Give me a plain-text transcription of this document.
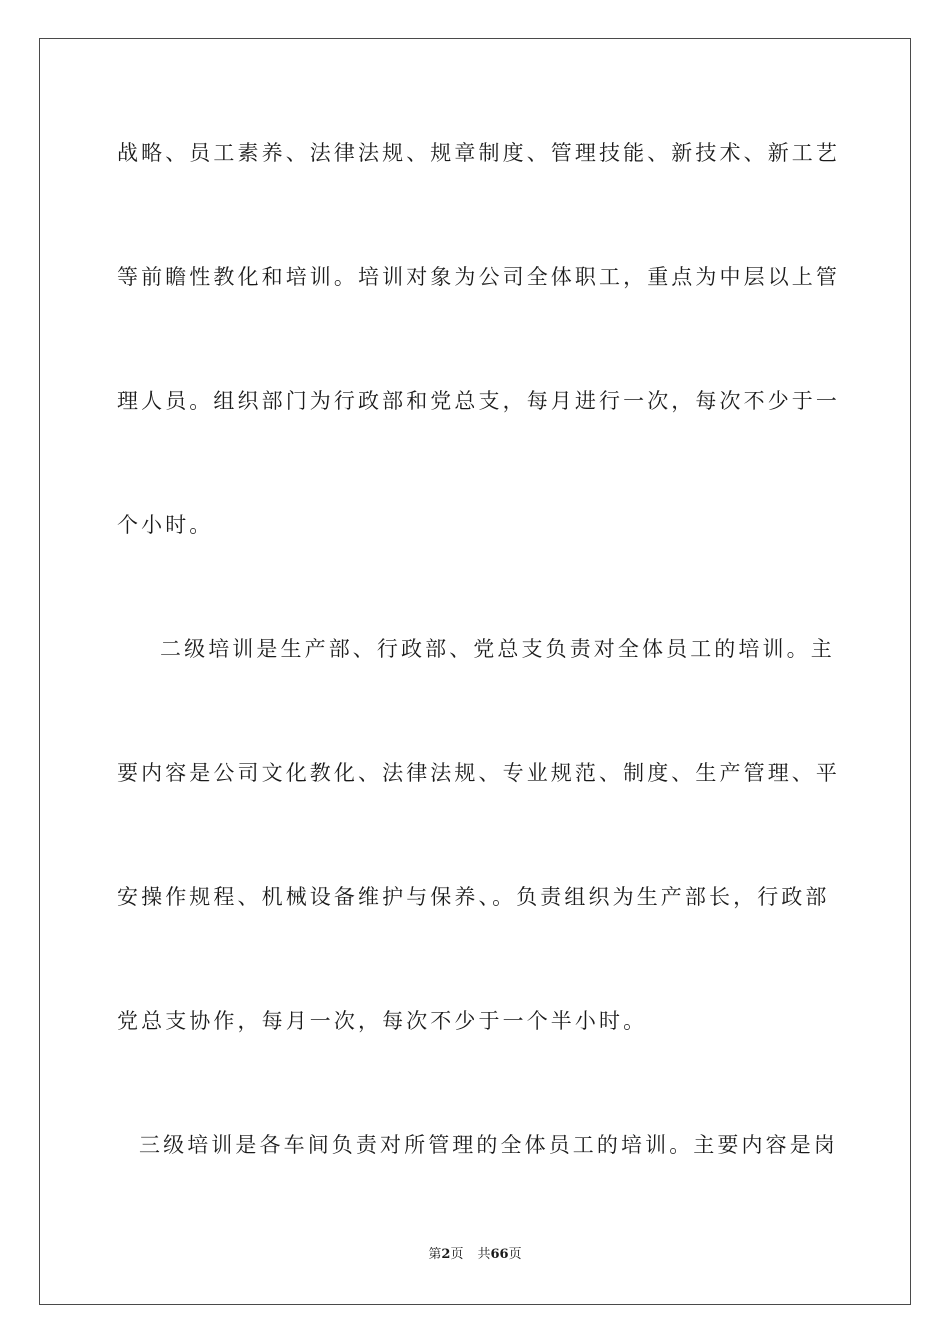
战略、员工素养、法律法规、规章制度、管理技能、新技术、新工艺
等前瞻性教化和培训。培训对象为公司全体职工，重点为中层以上管
理人员。组织部门为行政部和党总支，每月进行一次，每次不少于一
个小时。
二级培训是生产部、行政部、党总支负责对全体员工的培训。主
要内容是公司文化教化、法律法规、专业规范、制度、生产管理、平
安操作规程、机械设备维护与保养、。负责组织为生产部长，行政部
党总支协作，每月一次，每次不少于一个半小时。
三级培训是各车间负责对所管理的全体员工的培训。主要内容是岗
第2页 共66页
